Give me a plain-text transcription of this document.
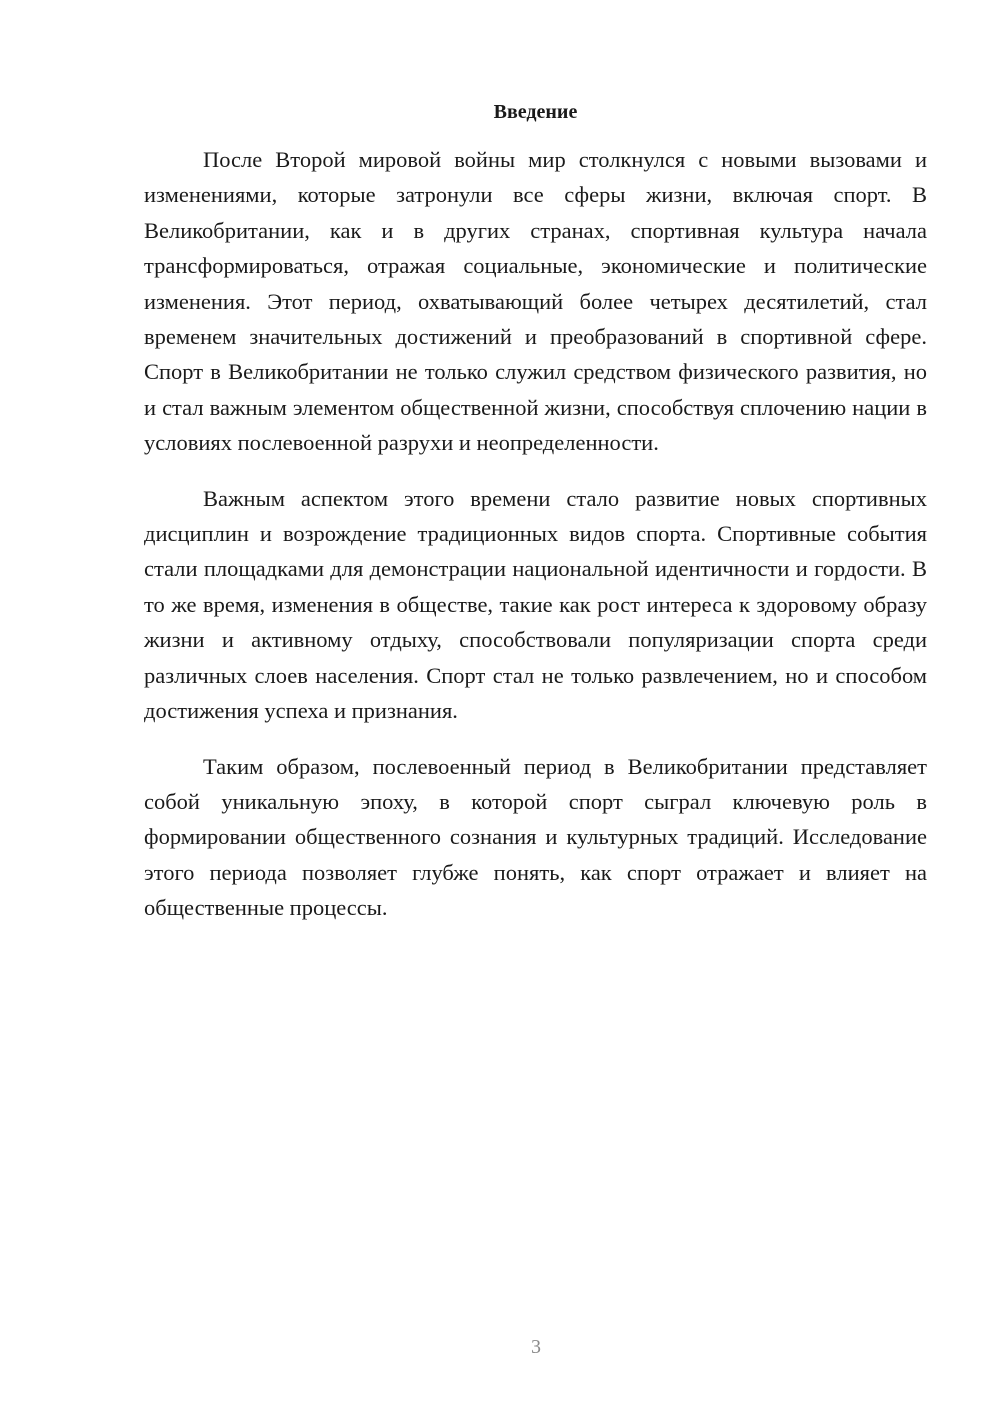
Введение

После Второй мировой войны мир столкнулся с новыми вызовами и изменениями, которые затронули все сферы жизни, включая спорт. В Великобритании, как и в других странах, спортивная культура начала трансформироваться, отражая социальные, экономические и политические изменения. Этот период, охватывающий более четырех десятилетий, стал временем значительных достижений и преобразований в спортивной сфере. Спорт в Великобритании не только служил средством физического развития, но и стал важным элементом общественной жизни, способствуя сплочению нации в условиях послевоенной разрухи и неопределенности.

Важным аспектом этого времени стало развитие новых спортивных дисциплин и возрождение традиционных видов спорта. Спортивные события стали площадками для демонстрации национальной идентичности и гордости. В то же время, изменения в обществе, такие как рост интереса к здоровому образу жизни и активному отдыху, способствовали популяризации спорта среди различных слоев населения. Спорт стал не только развлечением, но и способом достижения успеха и признания.

Таким образом, послевоенный период в Великобритании представляет собой уникальную эпоху, в которой спорт сыграл ключевую роль в формировании общественного сознания и культурных традиций. Исследование этого периода позволяет глубже понять, как спорт отражает и влияет на общественные процессы.

3
